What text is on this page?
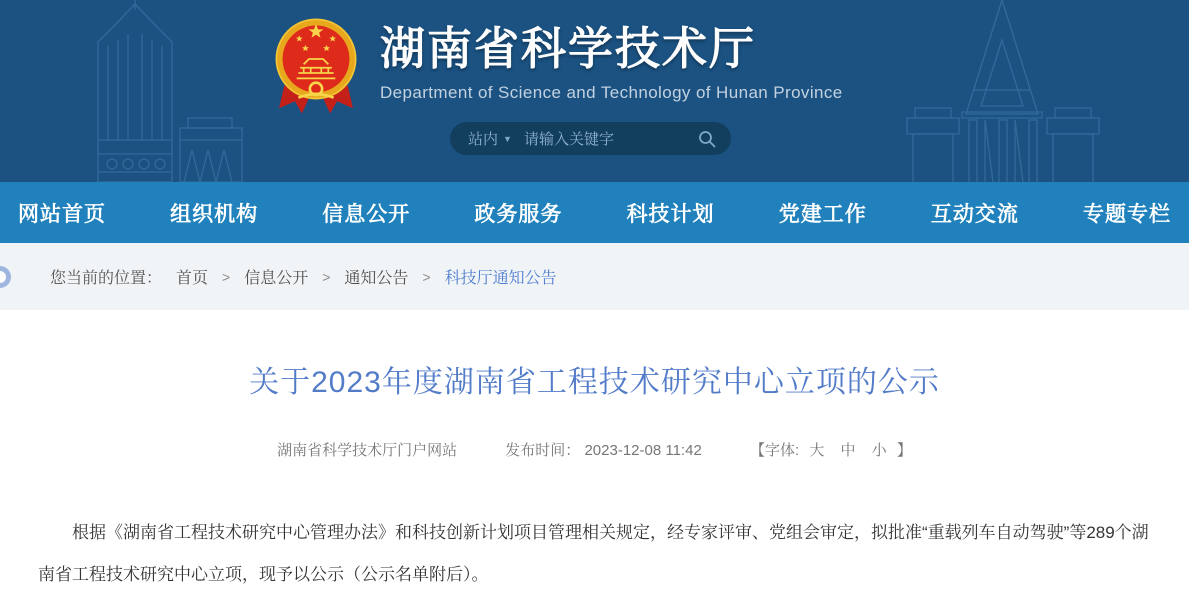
湖南省科学技术厅
Department of Science and Technology of Hunan Province
站内 ▼ 请输入关键字
网站首页	组织机构	信息公开	政务服务	科技计划	党建工作	互动交流	专题专栏
您当前的位置： 首页 > 信息公开 > 通知公告 > 科技厅通知公告
关于2023年度湖南省工程技术研究中心立项的公示
湖南省科学技术厅门户网站	发布时间： 2023-12-08 11:42	【字体: 大 中 小 】

根据《湖南省工程技术研究中心管理办法》和科技创新计划项目管理相关规定，经专家评审、党组会审定，拟批准“重载列车自动驾驶”等289个湖南省工程技术研究中心立项，现予以公示（公示名单附后）。
